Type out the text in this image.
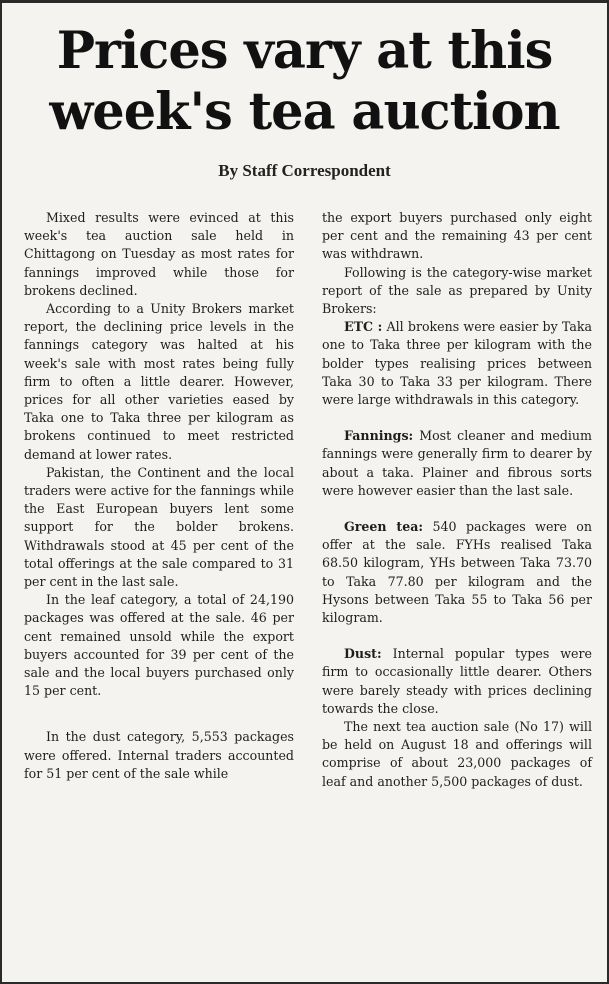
Prices vary at this
week's tea auction
By Staff Correspondent

Mixed results were evinced at this week's tea auction sale held in Chittagong on Tuesday as most rates for fannings improved while those for brokens declined.

According to a Unity Brokers market report, the declining price levels in the fannings category was halted at his week's sale with most rates being fully firm to often a little dearer. However, prices for all other varieties eased by Taka one to Taka three per kilogram as brokens continued to meet restricted demand at lower rates.

Pakistan, the Continent and the local traders were active for the fannings while the East European buyers lent some support for the bolder brokens. Withdrawals stood at 45 per cent of the total offerings at the sale compared to 31 per cent in the last sale.

In the leaf category, a total of 24,190 packages was offered at the sale. 46 per cent remained unsold while the export buyers accounted for 39 per cent of the sale and the local buyers purchased only 15 per cent.

In the dust category, 5,553 packages were offered. Internal traders accounted for 51 per cent of the sale while

the export buyers purchased only eight per cent and the remaining 43 per cent was withdrawn.

Following is the category-wise market report of the sale as prepared by Unity Brokers:

ETC : All brokens were easier by Taka one to Taka three per kilogram with the bolder types realising prices between Taka 30 to Taka 33 per kilogram. There were large withdrawals in this category.

Fannings: Most cleaner and medium fannings were generally firm to dearer by about a taka. Plainer and fibrous sorts were however easier than the last sale.

Green tea: 540 packages were on offer at the sale. FYHs realised Taka 68.50 kilogram, YHs between Taka 73.70 to Taka 77.80 per kilogram and the Hysons between Taka 55 to Taka 56 per kilogram.

Dust: Internal popular types were firm to occasionally little dearer. Others were barely steady with prices declining towards the close.

The next tea auction sale (No 17) will be held on August 18 and offerings will comprise of about 23,000 packages of leaf and another 5,500 packages of dust.
